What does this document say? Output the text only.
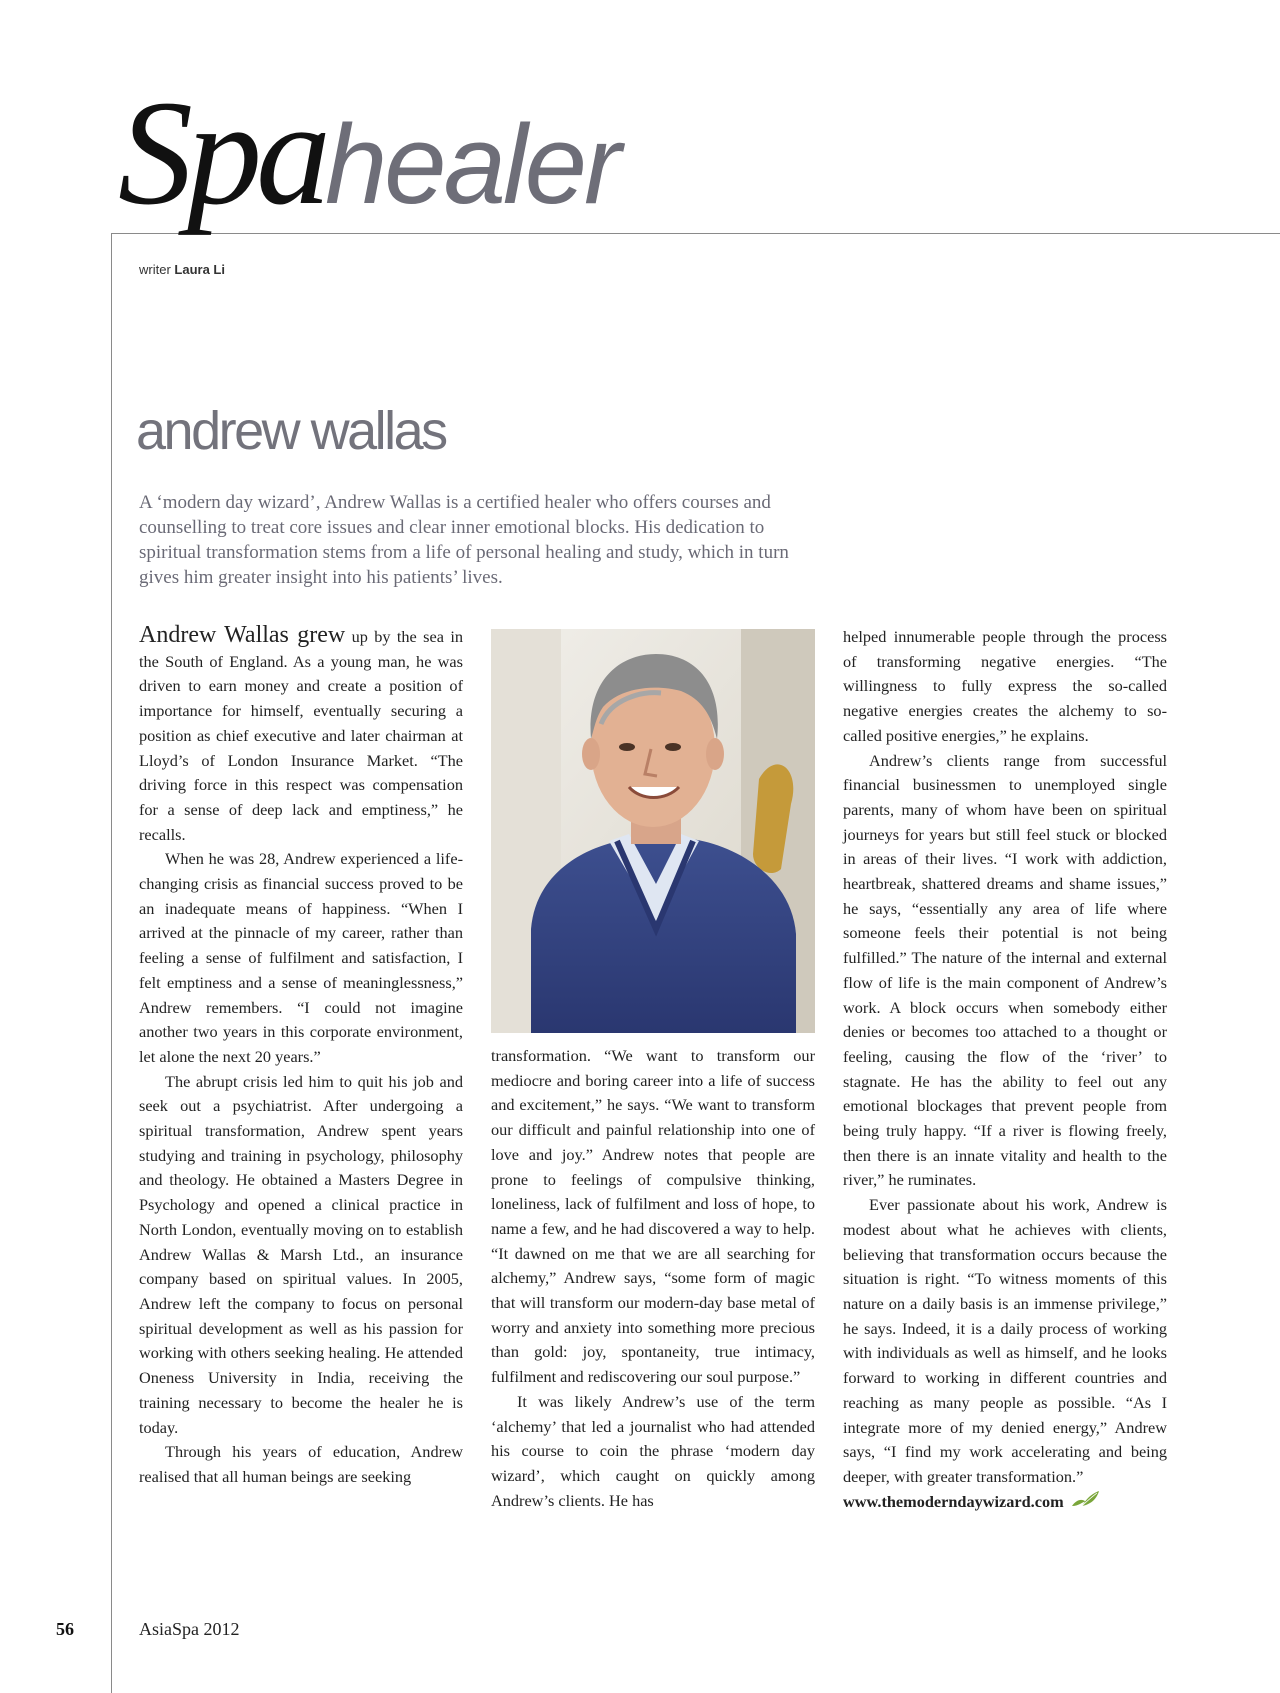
Spahealer
writer Laura Li
andrew wallas
A ‘modern day wizard’, Andrew Wallas is a certified healer who offers courses and counselling to treat core issues and clear inner emotional blocks. His dedication to spiritual transformation stems from a life of personal healing and study, which in turn gives him greater insight into his patients’ lives.

Andrew Wallas grew up by the sea in the South of England. As a young man, he was driven to earn money and create a position of importance for himself, eventually securing a position as chief executive and later chairman at Lloyd’s of London Insurance Market. “The driving force in this respect was compensation for a sense of deep lack and emptiness,” he recalls.

When he was 28, Andrew experienced a life-changing crisis as financial success proved to be an inadequate means of happiness. “When I arrived at the pinnacle of my career, rather than feeling a sense of fulfilment and satisfaction, I felt emptiness and a sense of meaninglessness,” Andrew remembers. “I could not imagine another two years in this corporate environment, let alone the next 20 years.”

The abrupt crisis led him to quit his job and seek out a psychiatrist. After undergoing a spiritual transformation, Andrew spent years studying and training in psychology, philosophy and theology. He obtained a Masters Degree in Psychology and opened a clinical practice in North London, eventually moving on to establish Andrew Wallas & Marsh Ltd., an insurance company based on spiritual values. In 2005, Andrew left the company to focus on personal spiritual development as well as his passion for working with others seeking healing. He attended Oneness University in India, receiving the training necessary to become the healer he is today.

Through his years of education, Andrew realised that all human beings are seeking

transformation. “We want to transform our mediocre and boring career into a life of success and excitement,” he says. “We want to transform our difficult and painful relationship into one of love and joy.” Andrew notes that people are prone to feelings of compulsive thinking, loneliness, lack of fulfilment and loss of hope, to name a few, and he had discovered a way to help. “It dawned on me that we are all searching for alchemy,” Andrew says, “some form of magic that will transform our modern-day base metal of worry and anxiety into something more precious than gold: joy, spontaneity, true intimacy, fulfilment and rediscovering our soul purpose.”

It was likely Andrew’s use of the term ‘alchemy’ that led a journalist who had attended his course to coin the phrase ‘modern day wizard’, which caught on quickly among Andrew’s clients. He has

helped innumerable people through the process of transforming negative energies. “The willingness to fully express the so-called negative energies creates the alchemy to so-called positive energies,” he explains.

Andrew’s clients range from successful financial businessmen to unemployed single parents, many of whom have been on spiritual journeys for years but still feel stuck or blocked in areas of their lives. “I work with addiction, heartbreak, shattered dreams and shame issues,” he says, “essentially any area of life where someone feels their potential is not being fulfilled.” The nature of the internal and external flow of life is the main component of Andrew’s work. A block occurs when somebody either denies or becomes too attached to a thought or feeling, causing the flow of the ‘river’ to stagnate. He has the ability to feel out any emotional blockages that prevent people from being truly happy. “If a river is flowing freely, then there is an innate vitality and health to the river,” he ruminates.

Ever passionate about his work, Andrew is modest about what he achieves with clients, believing that transformation occurs because the situation is right. “To witness moments of this nature on a daily basis is an immense privilege,” he says. Indeed, it is a daily process of working with individuals as well as himself, and he looks forward to working in different countries and reaching as many people as possible. “As I integrate more of my denied energy,” Andrew says, “I find my work accelerating and being deeper, with greater transformation.”

www.themoderndaywizard.com

56	AsiaSpa 2012
